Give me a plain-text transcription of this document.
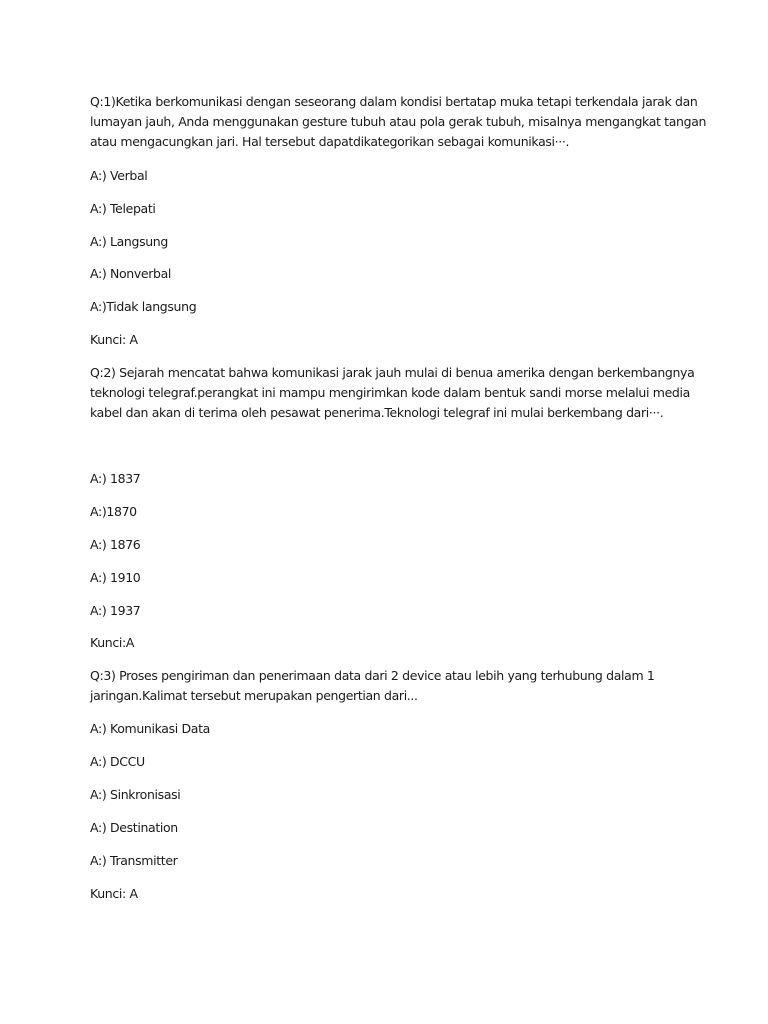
Q:1)Ketika berkomunikasi dengan seseorang dalam kondisi bertatap muka tetapi terkendala jarak dan
lumayan jauh, Anda menggunakan gesture tubuh atau pola gerak tubuh, misalnya mengangkat tangan
atau mengacungkan jari. Hal tersebut dapatdikategorikan sebagai komunikasi···.
A:) Verbal
A:) Telepati
A:) Langsung
A:) Nonverbal
A:)Tidak langsung
Kunci: A
Q:2) Sejarah mencatat bahwa komunikasi jarak jauh mulai di benua amerika dengan berkembangnya
teknologi telegraf.perangkat ini mampu mengirimkan kode dalam bentuk sandi morse melalui media
kabel dan akan di terima oleh pesawat penerima.Teknologi telegraf ini mulai berkembang dari···.
A:) 1837
A:)1870
A:) 1876
A:) 1910
A:) 1937
Kunci:A
Q:3) Proses pengiriman dan penerimaan data dari 2 device atau lebih yang terhubung dalam 1
jaringan.Kalimat tersebut merupakan pengertian dari...
A:) Komunikasi Data
A:) DCCU
A:) Sinkronisasi
A:) Destination
A:) Transmitter
Kunci: A
